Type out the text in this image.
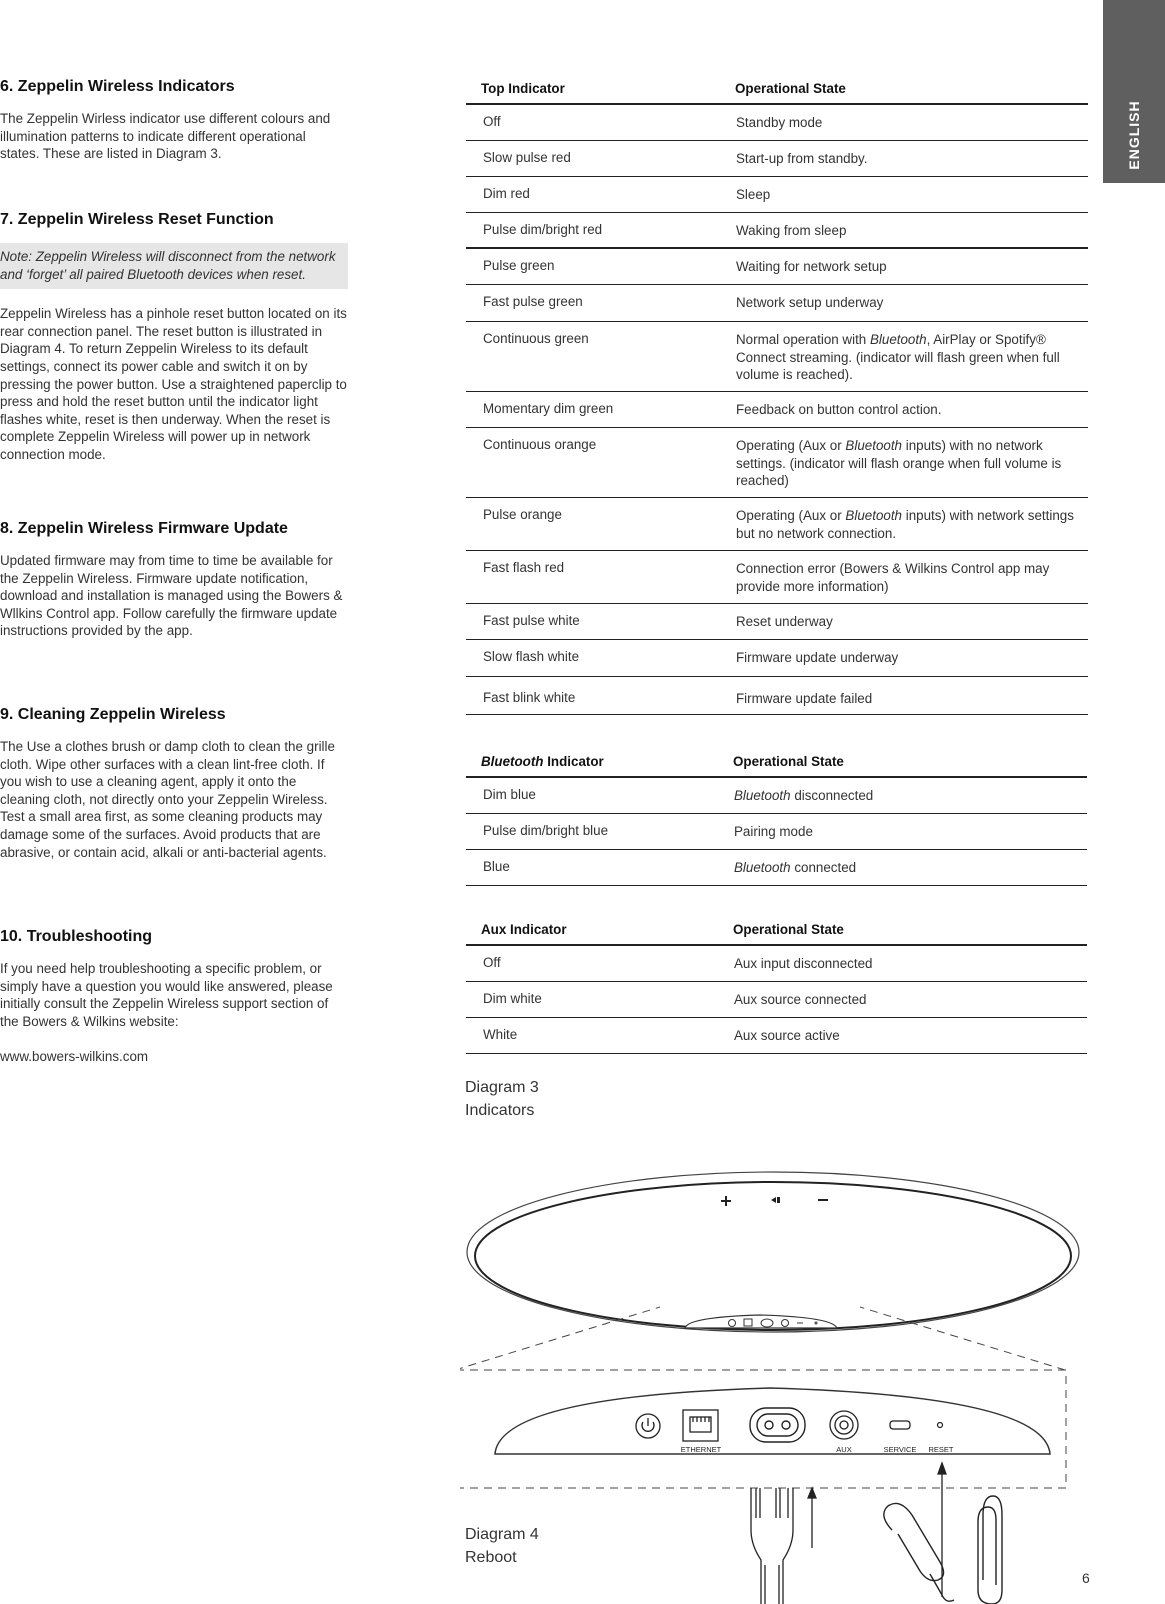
ENGLISH
6. Zeppelin Wireless Indicators

The Zeppelin Wirless indicator use different colours and illumination patterns to indicate different operational states. These are listed in Diagram 3.

7. Zeppelin Wireless Reset Function

Note: Zeppelin Wireless will disconnect from the network and ‘forget’ all paired Bluetooth devices when reset.

Zeppelin Wireless has a pinhole reset button located on its rear connection panel. The reset button is illustrated in Diagram 4. To return Zeppelin Wireless to its default settings, connect its power cable and switch it on by pressing the power button. Use a straightened paperclip to press and hold the reset button until the indicator light flashes white, reset is then underway. When the reset is complete Zeppelin Wireless will power up in network connection mode.

8. Zeppelin Wireless Firmware Update

Updated firmware may from time to time be available for the Zeppelin Wireless. Firmware update notification, download and installation is managed using the Bowers & Wllkins Control app. Follow carefully the firmware update instructions provided by the app.

9. Cleaning Zeppelin Wireless

The Use a clothes brush or damp cloth to clean the grille cloth. Wipe other surfaces with a clean lint-free cloth. If you wish to use a cleaning agent, apply it onto the cleaning cloth, not directly onto your Zeppelin Wireless. Test a small area first, as some cleaning products may damage some of the surfaces. Avoid products that are abrasive, or contain acid, alkali or anti-bacterial agents.

10. Troubleshooting

If you need help troubleshooting a specific problem, or simply have a question you would like answered, please initially consult the Zeppelin Wireless support section of the Bowers & Wilkins website:

www.bowers-wilkins.com

Top Indicator	Operational State
Off	Standby mode
Slow pulse red	Start-up from standby.
Dim red	Sleep
Pulse dim/bright red	Waking from sleep
Pulse green	Waiting for network setup
Fast pulse green	Network setup underway
Continuous green	Normal operation with Bluetooth, AirPlay or Spotify® Connect streaming. (indicator will flash green when full volume is reached).
Momentary dim green	Feedback on button control action.
Continuous orange	Operating (Aux or Bluetooth inputs) with no network settings. (indicator will flash orange when full volume is reached)
Pulse orange	Operating (Aux or Bluetooth inputs) with network settings but no network connection.
Fast flash red	Connection error (Bowers & Wilkins Control app may provide more information)
Fast pulse white	Reset underway
Slow flash white	Firmware update underway
Fast blink white	Firmware update failed
Bluetooth Indicator	Operational State
Dim blue	Bluetooth disconnected
Pulse dim/bright blue	Pairing mode
Blue	Bluetooth connected
Aux Indicator	Operational State
Off	Aux input disconnected
Dim white	Aux source connected
White	Aux source active
Diagram 3
Indicators
ETHERNET	AUX	SERVICE RESET
Diagram 4
Reboot
6
